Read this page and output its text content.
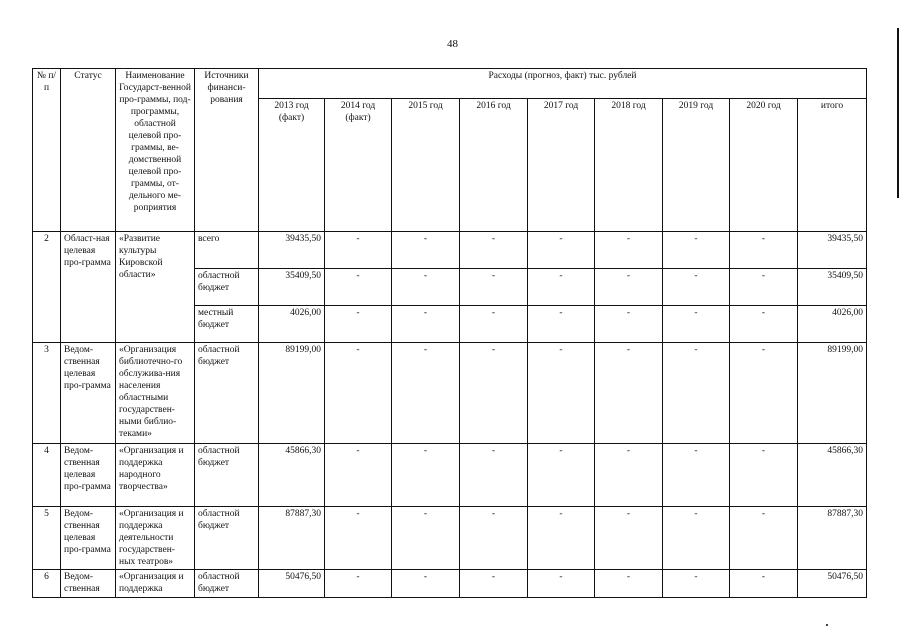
48
№ п/п	Статус	Наименование Государст-венной про-граммы, под-программы, областной целевой про-граммы, ве-домственной целевой про-граммы, от-дельного ме-роприятия	Источники финанси-рования	Расходы (прогноз, факт) тыс. рублей								
				2013 год (факт)	2014 год (факт)	2015 год	2016 год	2017 год	2018 год	2019 год	2020 год	итого
2	Област-ная целевая про-грамма	«Развитие культуры Кировской области»	всего	39435,50	-	-	-	-	-	-	-	39435,50
			областной бюджет	35409,50	-	-	-	-	-	-	-	35409,50
			местный бюджет	4026,00	-	-	-	-	-	-	-	4026,00
3	Ведом-ственная целевая про-грамма	«Организация библиотечно-го обслужива-ния населения областными государствен-ными библио-теками»	областной бюджет	89199,00	-	-	-	-	-	-	-	89199,00
4	Ведом-ственная целевая про-грамма	«Организация и поддержка народного творчества»	областной бюджет	45866,30	-	-	-	-	-	-	-	45866,30
5	Ведом-ственная целевая про-грамма	«Организация и поддержка деятельности государствен-ных театров»	областной бюджет	87887,30	-	-	-	-	-	-	-	87887,30
6	Ведом-ственная	«Организация и поддержка	областной бюджет	50476,50	-	-	-	-	-	-	-	50476,50
